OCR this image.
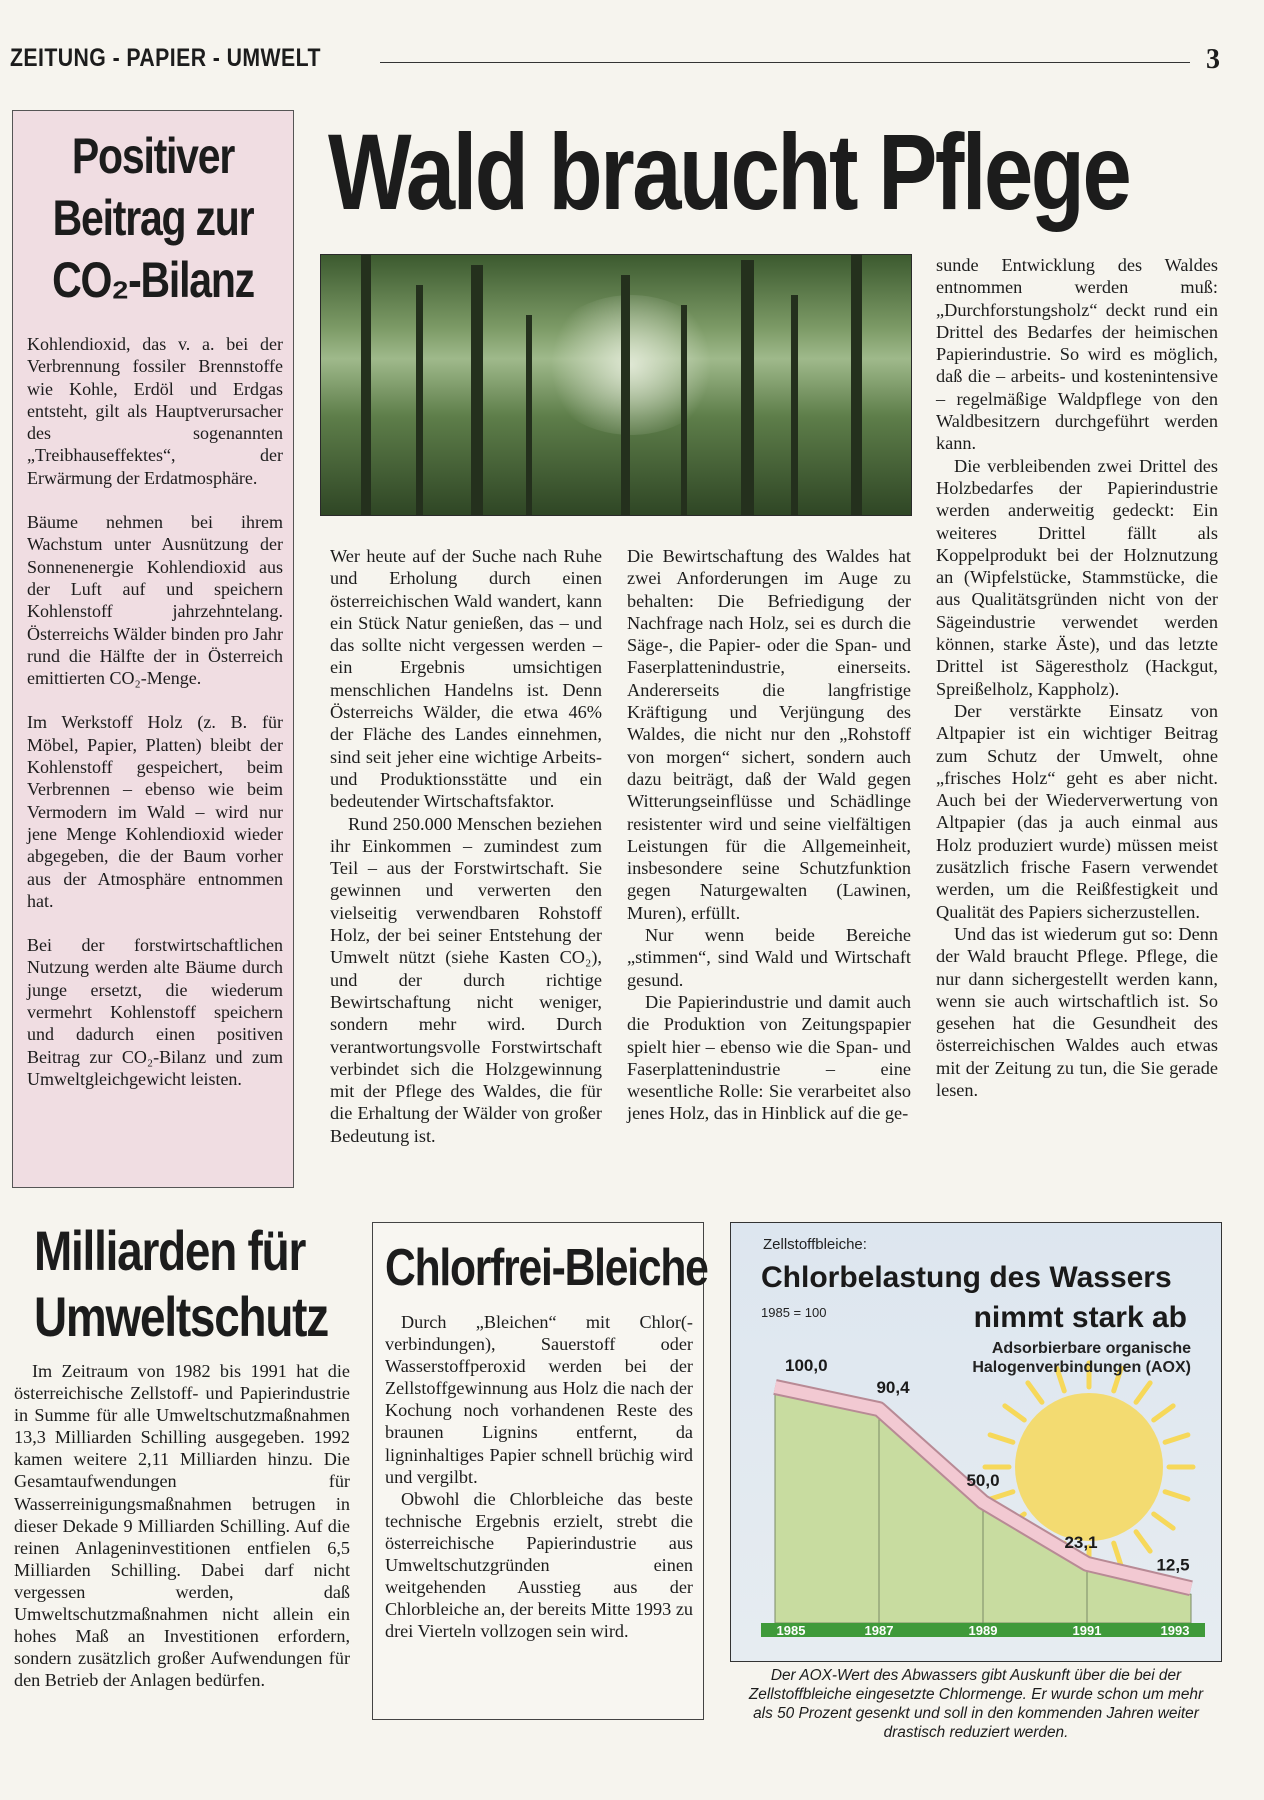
ZEITUNG - PAPIER - UMWELT	3
Positiver
Beitrag zur
CO₂-Bilanz

Kohlendioxid, das v. a. bei der Verbrennung fossiler Brennstoffe wie Kohle, Erdöl und Erdgas entsteht, gilt als Hauptverursacher des sogenannten „Treibhauseffektes“, der Erwärmung der Erdatmosphäre.

Bäume nehmen bei ihrem Wachstum unter Ausnützung der Sonnenenergie Kohlendioxid aus der Luft auf und speichern Kohlenstoff jahrzehntelang. Österreichs Wälder binden pro Jahr rund die Hälfte der in Österreich emittierten CO₂-Menge.

Im Werkstoff Holz (z. B. für Möbel, Papier, Platten) bleibt der Kohlenstoff gespeichert, beim Verbrennen – ebenso wie beim Vermodern im Wald – wird nur jene Menge Kohlendioxid wieder abgegeben, die der Baum vorher aus der Atmosphäre entnommen hat.

Bei der forstwirtschaftlichen Nutzung werden alte Bäume durch junge ersetzt, die wiederum vermehrt Kohlenstoff speichern und dadurch einen positiven Beitrag zur CO₂-Bilanz und zum Umweltgleichgewicht leisten.

Wald braucht Pflege

Wer heute auf der Suche nach Ruhe und Erholung durch einen österreichischen Wald wandert, kann ein Stück Natur genießen, das – und das sollte nicht vergessen werden – ein Ergebnis umsichtigen menschlichen Handelns ist. Denn Österreichs Wälder, die etwa 46% der Fläche des Landes einnehmen, sind seit jeher eine wichtige Arbeits- und Produktionsstätte und ein bedeutender Wirtschaftsfaktor.

Rund 250.000 Menschen beziehen ihr Einkommen – zumindest zum Teil – aus der Forstwirtschaft. Sie gewinnen und verwerten den vielseitig verwendbaren Rohstoff Holz, der bei seiner Entstehung der Umwelt nützt (siehe Kasten CO₂), und der durch richtige Bewirtschaftung nicht weniger, sondern mehr wird. Durch verantwortungsvolle Forstwirtschaft verbindet sich die Holzgewinnung mit der Pflege des Waldes, die für die Erhaltung der Wälder von großer Bedeutung ist.

Die Bewirtschaftung des Waldes hat zwei Anforderungen im Auge zu behalten: Die Befriedigung der Nachfrage nach Holz, sei es durch die Säge-, die Papier- oder die Span- und Faserplattenindustrie, einerseits. Andererseits die langfristige Kräftigung und Verjüngung des Waldes, die nicht nur den „Rohstoff von morgen“ sichert, sondern auch dazu beiträgt, daß der Wald gegen Witterungseinflüsse und Schädlinge resistenter wird und seine vielfältigen Leistungen für die Allgemeinheit, insbesondere seine Schutzfunktion gegen Naturgewalten (Lawinen, Muren), erfüllt.

Nur wenn beide Bereiche „stimmen“, sind Wald und Wirtschaft gesund.

Die Papierindustrie und damit auch die Produktion von Zeitungspapier spielt hier – ebenso wie die Span- und Faserplattenindustrie – eine wesentliche Rolle: Sie verarbeitet also jenes Holz, das in Hinblick auf die ge-

sunde Entwicklung des Waldes entnommen werden muß: „Durchforstungsholz“ deckt rund ein Drittel des Bedarfes der heimischen Papierindustrie. So wird es möglich, daß die – arbeits- und kostenintensive – regelmäßige Waldpflege von den Waldbesitzern durchgeführt werden kann.

Die verbleibenden zwei Drittel des Holzbedarfes der Papierindustrie werden anderweitig gedeckt: Ein weiteres Drittel fällt als Koppelprodukt bei der Holznutzung an (Wipfelstücke, Stammstücke, die aus Qualitätsgründen nicht von der Sägeindustrie verwendet werden können, starke Äste), und das letzte Drittel ist Sägerestholz (Hackgut, Spreißelholz, Kappholz).

Der verstärkte Einsatz von Altpapier ist ein wichtiger Beitrag zum Schutz der Umwelt, ohne „frisches Holz“ geht es aber nicht. Auch bei der Wiederverwertung von Altpapier (das ja auch einmal aus Holz produziert wurde) müssen meist zusätzlich frische Fasern verwendet werden, um die Reißfestigkeit und Qualität des Papiers sicherzustellen.

Und das ist wiederum gut so: Denn der Wald braucht Pflege. Pflege, die nur dann sichergestellt werden kann, wenn sie auch wirtschaftlich ist. So gesehen hat die Gesundheit des österreichischen Waldes auch etwas mit der Zeitung zu tun, die Sie gerade lesen.

Milliarden für
Umweltschutz

Im Zeitraum von 1982 bis 1991 hat die österreichische Zellstoff- und Papierindustrie in Summe für alle Umweltschutzmaßnahmen 13,3 Milliarden Schilling ausgegeben. 1992 kamen weitere 2,11 Milliarden hinzu. Die Gesamtaufwendungen für Wasserreinigungsmaßnahmen betrugen in dieser Dekade 9 Milliarden Schilling. Auf die reinen Anlageninvestitionen entfielen 6,5 Milliarden Schilling. Dabei darf nicht vergessen werden, daß Umweltschutzmaßnahmen nicht allein ein hohes Maß an Investitionen erfordern, sondern zusätzlich großer Aufwendungen für den Betrieb der Anlagen bedürfen.

Chlorfrei-Bleiche

Durch „Bleichen“ mit Chlor(-verbindungen), Sauerstoff oder Wasserstoffperoxid werden bei der Zellstoffgewinnung aus Holz die nach der Kochung noch vorhandenen Reste des braunen Lignins entfernt, da ligninhaltiges Papier schnell brüchig wird und vergilbt.

Obwohl die Chlorbleiche das beste technische Ergebnis erzielt, strebt die österreichische Papierindustrie aus Umweltschutzgründen einen weitgehenden Ausstieg aus der Chlorbleiche an, der bereits Mitte 1993 zu drei Vierteln vollzogen sein wird.

Zellstoffbleiche:
Chlorbelastung des Wassers
nimmt stark ab
1985 = 100
Adsorbierbare organische
Halogenverbindungen (AOX)
100,0
90,4
50,0
23,1
12,5
1985	1987	1989	1991	1993
Der AOX-Wert des Abwassers gibt Auskunft über die bei der Zellstoffbleiche eingesetzte Chlormenge. Er wurde schon um mehr als 50 Prozent gesenkt und soll in den kommenden Jahren weiter drastisch reduziert werden.
